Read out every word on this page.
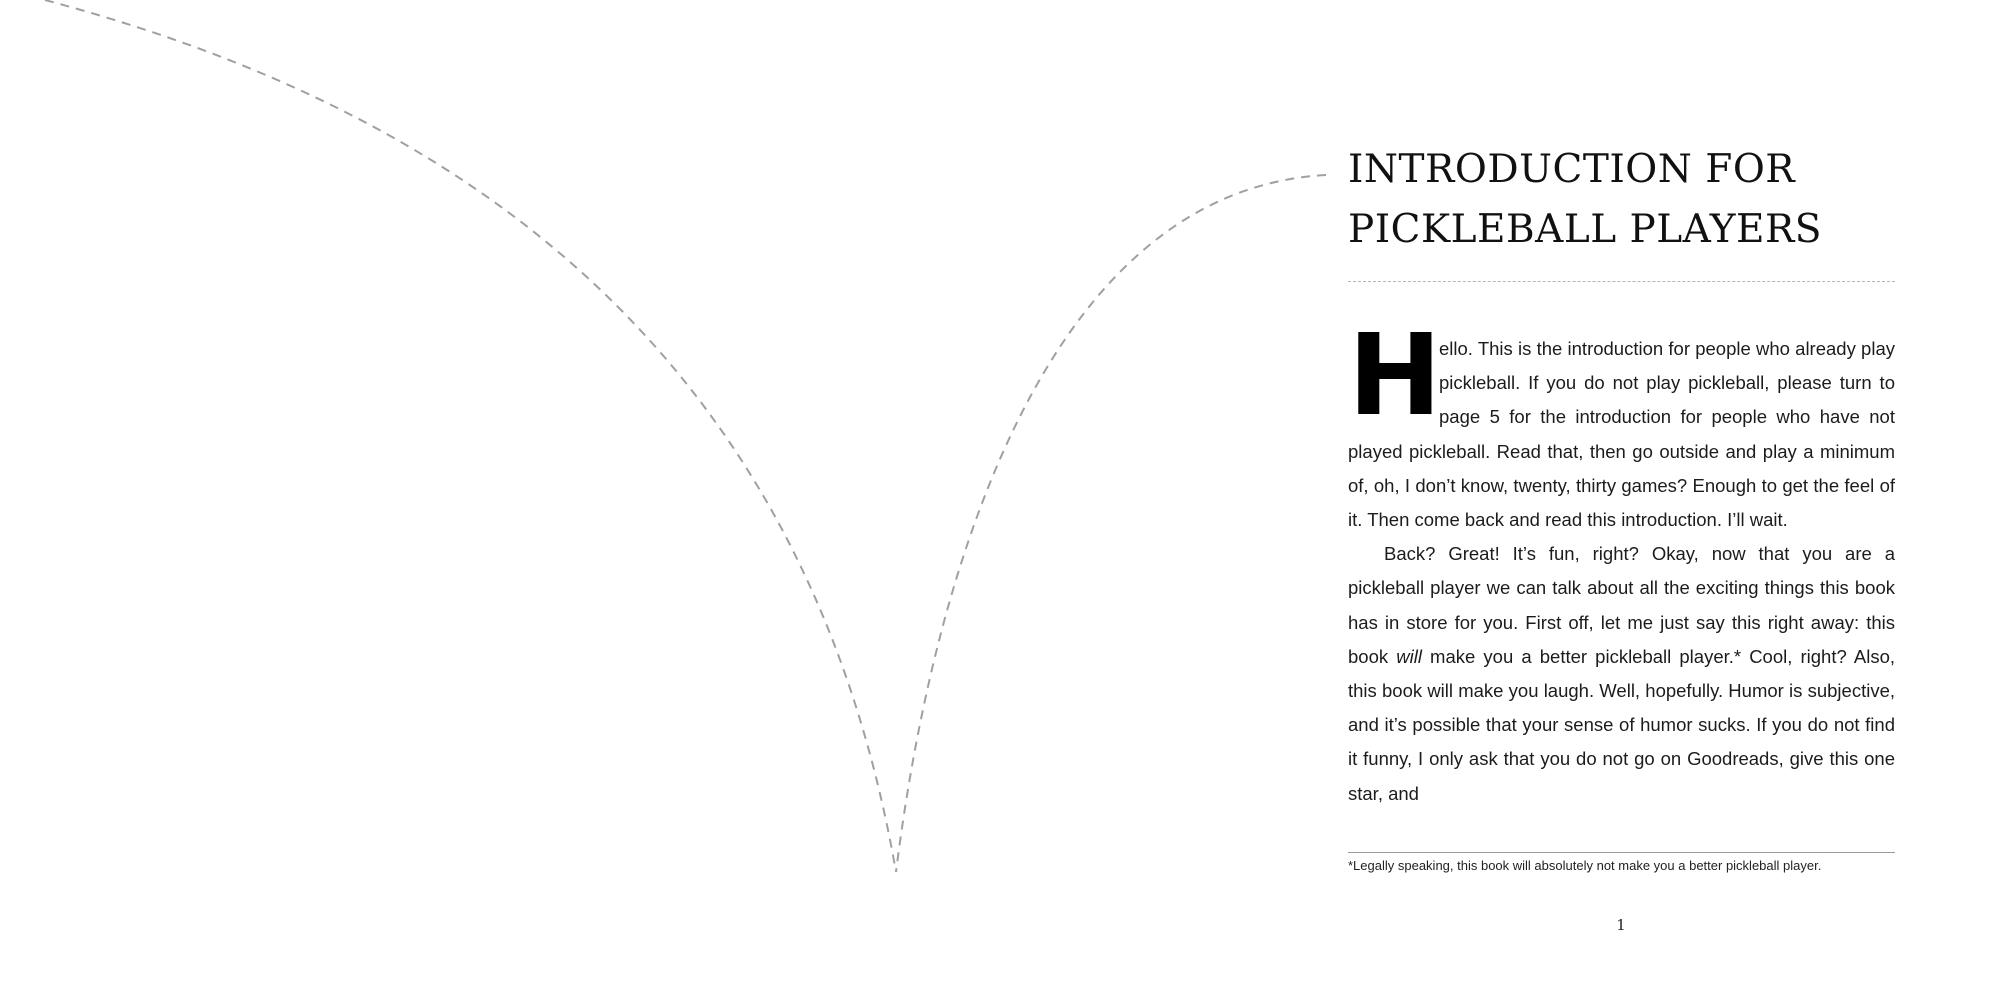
INTRODUCTION FOR
PICKLEBALL PLAYERS

H
ello. This is the introduction for people who already play pickleball. If you do not play pickleball, please turn to page 5 for the introduction for people who have not played pickleball. Read that, then go outside and play a minimum of, oh, I don’t know, twenty, thirty games? Enough to get the feel of it. Then come back and read this introduction. I’ll wait.

Back? Great! It’s fun, right? Okay, now that you are a pickleball player we can talk about all the exciting things this book has in store for you. First off, let me just say this right away: this book will make you a better pickleball player.* Cool, right? Also, this book will make you laugh. Well, hopefully. Humor is subjective, and it’s possible that your sense of humor sucks. If you do not find it funny, I only ask that you do not go on Goodreads, give this one star, and

*Legally speaking, this book will absolutely not make you a better pickleball player.
1
